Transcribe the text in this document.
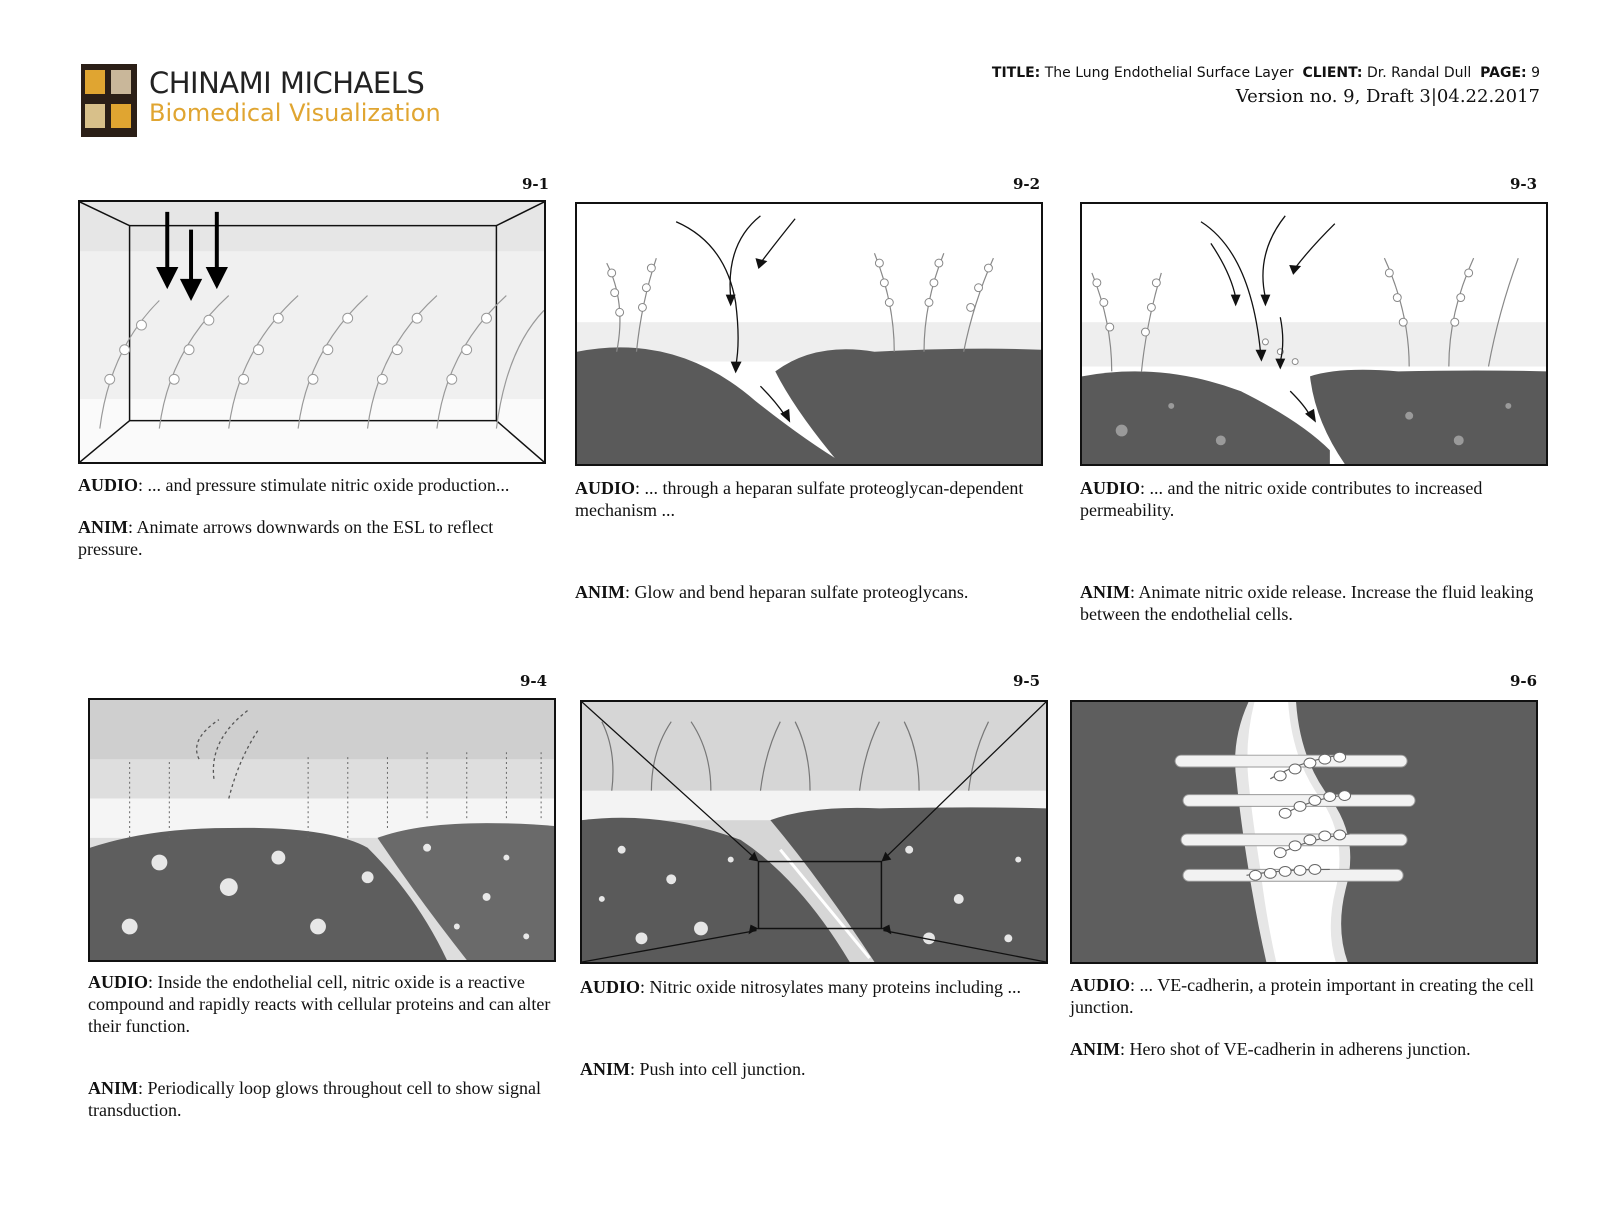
CHINAMI MICHAELS
Biomedical Visualization
TITLE: The Lung Endothelial Surface Layer CLIENT: Dr. Randal Dull PAGE: 9
Version no. 9, Draft 3|04.22.2017
9-1

AUDIO: ... and pressure stimulate nitric oxide production...

ANIM: Animate arrows downwards on the ESL to reflect pressure.

9-2

AUDIO: ... through a heparan sulfate proteoglycan-dependent mechanism ...

ANIM: Glow and bend heparan sulfate proteoglycans.

9-3

AUDIO: ... and the nitric oxide contributes to increased permeability.

ANIM: Animate nitric oxide release. Increase the fluid leaking between the endothelial cells.

9-4

AUDIO: Inside the endothelial cell, nitric oxide is a reactive compound and rapidly reacts with cellular proteins and can alter their function.

ANIM: Periodically loop glows throughout cell to show signal transduction.

9-5

AUDIO: Nitric oxide nitrosylates many proteins including ...

ANIM: Push into cell junction.

9-6

AUDIO: ... VE-cadherin, a protein important in creating the cell junction.

ANIM: Hero shot of VE-cadherin in adherens junction.
